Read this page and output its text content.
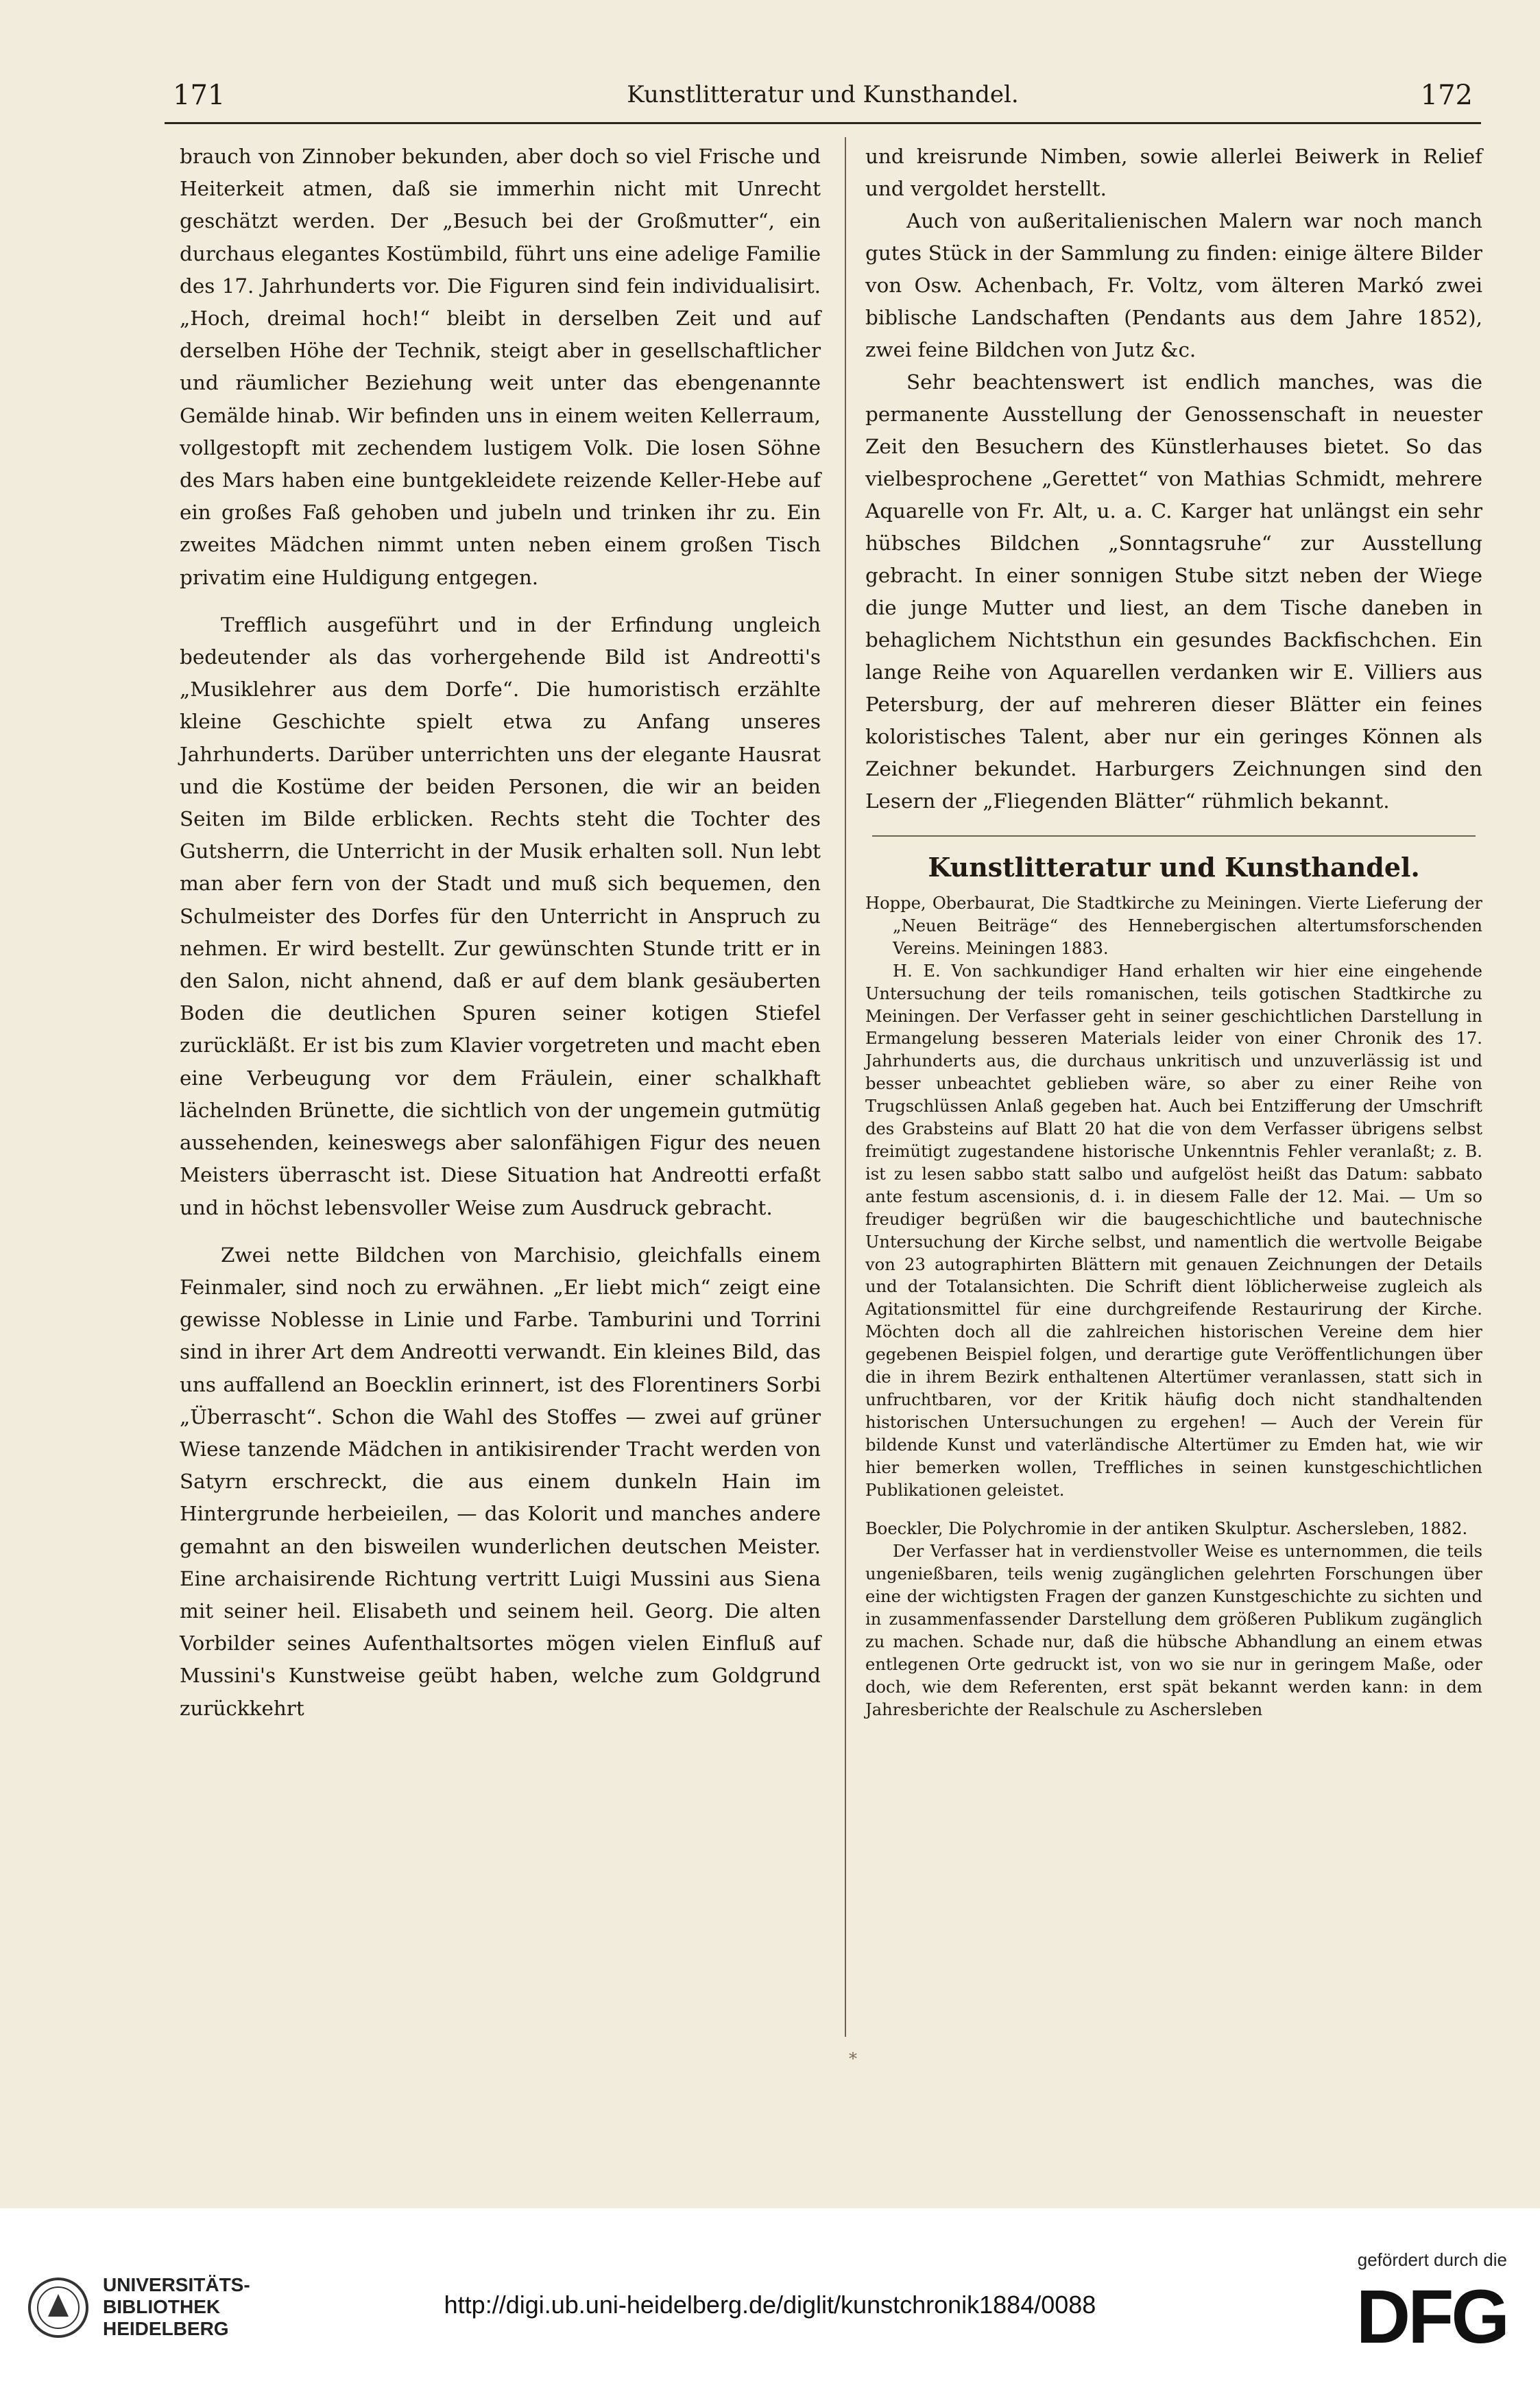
171	Kunstlitteratur und Kunsthandel.	172

brauch von Zinnober bekunden, aber doch so viel Frische und Heiterkeit atmen, daß sie immerhin nicht mit Unrecht geschätzt werden. Der „Besuch bei der Großmutter“, ein durchaus elegantes Kostümbild, führt uns eine adelige Familie des 17. Jahrhunderts vor. Die Figuren sind fein individualisirt. „Hoch, dreimal hoch!“ bleibt in derselben Zeit und auf derselben Höhe der Technik, steigt aber in gesellschaftlicher und räumlicher Beziehung weit unter das ebengenannte Gemälde hinab. Wir befinden uns in einem weiten Kellerraum, vollgestopft mit zechendem lustigem Volk. Die losen Söhne des Mars haben eine buntgekleidete reizende Keller-Hebe auf ein großes Faß gehoben und jubeln und trinken ihr zu. Ein zweites Mädchen nimmt unten neben einem großen Tisch privatim eine Huldigung entgegen.

Trefflich ausgeführt und in der Erfindung ungleich bedeutender als das vorhergehende Bild ist Andreotti's „Musiklehrer aus dem Dorfe“. Die humoristisch erzählte kleine Geschichte spielt etwa zu Anfang unseres Jahrhunderts. Darüber unterrichten uns der elegante Hausrat und die Kostüme der beiden Personen, die wir an beiden Seiten im Bilde erblicken. Rechts steht die Tochter des Gutsherrn, die Unterricht in der Musik erhalten soll. Nun lebt man aber fern von der Stadt und muß sich bequemen, den Schulmeister des Dorfes für den Unterricht in Anspruch zu nehmen. Er wird bestellt. Zur gewünschten Stunde tritt er in den Salon, nicht ahnend, daß er auf dem blank gesäuberten Boden die deutlichen Spuren seiner kotigen Stiefel zurückläßt. Er ist bis zum Klavier vorgetreten und macht eben eine Verbeugung vor dem Fräulein, einer schalkhaft lächelnden Brünette, die sichtlich von der ungemein gutmütig aussehenden, keineswegs aber salonfähigen Figur des neuen Meisters überrascht ist. Diese Situation hat Andreotti erfaßt und in höchst lebensvoller Weise zum Ausdruck gebracht.

Zwei nette Bildchen von Marchisio, gleichfalls einem Feinmaler, sind noch zu erwähnen. „Er liebt mich“ zeigt eine gewisse Noblesse in Linie und Farbe. Tamburini und Torrini sind in ihrer Art dem Andreotti verwandt. Ein kleines Bild, das uns auffallend an Boecklin erinnert, ist des Florentiners Sorbi „Überrascht“. Schon die Wahl des Stoffes — zwei auf grüner Wiese tanzende Mädchen in antikisirender Tracht werden von Satyrn erschreckt, die aus einem dunkeln Hain im Hintergrunde herbeieilen, — das Kolorit und manches andere gemahnt an den bisweilen wunderlichen deutschen Meister. Eine archaisirende Richtung vertritt Luigi Mussini aus Siena mit seiner heil. Elisabeth und seinem heil. Georg. Die alten Vorbilder seines Aufenthaltsortes mögen vielen Einfluß auf Mussini's Kunstweise geübt haben, welche zum Goldgrund zurückkehrt

und kreisrunde Nimben, sowie allerlei Beiwerk in Relief und vergoldet herstellt.

Auch von außeritalienischen Malern war noch manch gutes Stück in der Sammlung zu finden: einige ältere Bilder von Osw. Achenbach, Fr. Voltz, vom älteren Markó zwei biblische Landschaften (Pendants aus dem Jahre 1852), zwei feine Bildchen von Jutz &c.

Sehr beachtenswert ist endlich manches, was die permanente Ausstellung der Genossenschaft in neuester Zeit den Besuchern des Künstlerhauses bietet. So das vielbesprochene „Gerettet“ von Mathias Schmidt, mehrere Aquarelle von Fr. Alt, u. a. C. Karger hat unlängst ein sehr hübsches Bildchen „Sonntagsruhe“ zur Ausstellung gebracht. In einer sonnigen Stube sitzt neben der Wiege die junge Mutter und liest, an dem Tische daneben in behaglichem Nichtsthun ein gesundes Backfischchen. Ein lange Reihe von Aquarellen verdanken wir E. Villiers aus Petersburg, der auf mehreren dieser Blätter ein feines koloristisches Talent, aber nur ein geringes Können als Zeichner bekundet. Harburgers Zeichnungen sind den Lesern der „Fliegenden Blätter“ rühmlich bekannt.

Kunstlitteratur und Kunsthandel.

Hoppe, Oberbaurat, Die Stadtkirche zu Meiningen. Vierte Lieferung der „Neuen Beiträge“ des Hennebergischen altertumsforschenden Vereins. Meiningen 1883.

H. E. Von sachkundiger Hand erhalten wir hier eine eingehende Untersuchung der teils romanischen, teils gotischen Stadtkirche zu Meiningen. Der Verfasser geht in seiner geschichtlichen Darstellung in Ermangelung besseren Materials leider von einer Chronik des 17. Jahrhunderts aus, die durchaus unkritisch und unzuverlässig ist und besser unbeachtet geblieben wäre, so aber zu einer Reihe von Trugschlüssen Anlaß gegeben hat. Auch bei Entzifferung der Umschrift des Grabsteins auf Blatt 20 hat die von dem Verfasser übrigens selbst freimütigt zugestandene historische Unkenntnis Fehler veranlaßt; z. B. ist zu lesen sabbo statt salbo und aufgelöst heißt das Datum: sabbato ante festum ascensionis, d. i. in diesem Falle der 12. Mai. — Um so freudiger begrüßen wir die baugeschichtliche und bautechnische Untersuchung der Kirche selbst, und namentlich die wertvolle Beigabe von 23 autographirten Blättern mit genauen Zeichnungen der Details und der Totalansichten. Die Schrift dient löblicherweise zugleich als Agitationsmittel für eine durchgreifende Restaurirung der Kirche. Möchten doch all die zahlreichen historischen Vereine dem hier gegebenen Beispiel folgen, und derartige gute Veröffentlichungen über die in ihrem Bezirk enthaltenen Altertümer veranlassen, statt sich in unfruchtbaren, vor der Kritik häufig doch nicht standhaltenden historischen Untersuchungen zu ergehen! — Auch der Verein für bildende Kunst und vaterländische Altertümer zu Emden hat, wie wir hier bemerken wollen, Treffliches in seinen kunstgeschichtlichen Publikationen geleistet.

Boeckler, Die Polychromie in der antiken Skulptur. Aschersleben, 1882.

Der Verfasser hat in verdienstvoller Weise es unternommen, die teils ungenießbaren, teils wenig zugänglichen gelehrten Forschungen über eine der wichtigsten Fragen der ganzen Kunstgeschichte zu sichten und in zusammenfassender Darstellung dem größeren Publikum zugänglich zu machen. Schade nur, daß die hübsche Abhandlung an einem etwas entlegenen Orte gedruckt ist, von wo sie nur in geringem Maße, oder doch, wie dem Referenten, erst spät bekannt werden kann: in dem Jahresberichte der Realschule zu Aschersleben

*
UNIVERSITÄTS-
BIBLIOTHEK
HEIDELBERG
http://digi.ub.uni-heidelberg.de/diglit/kunstchronik1884/0088
gefördert durch die
DFG
